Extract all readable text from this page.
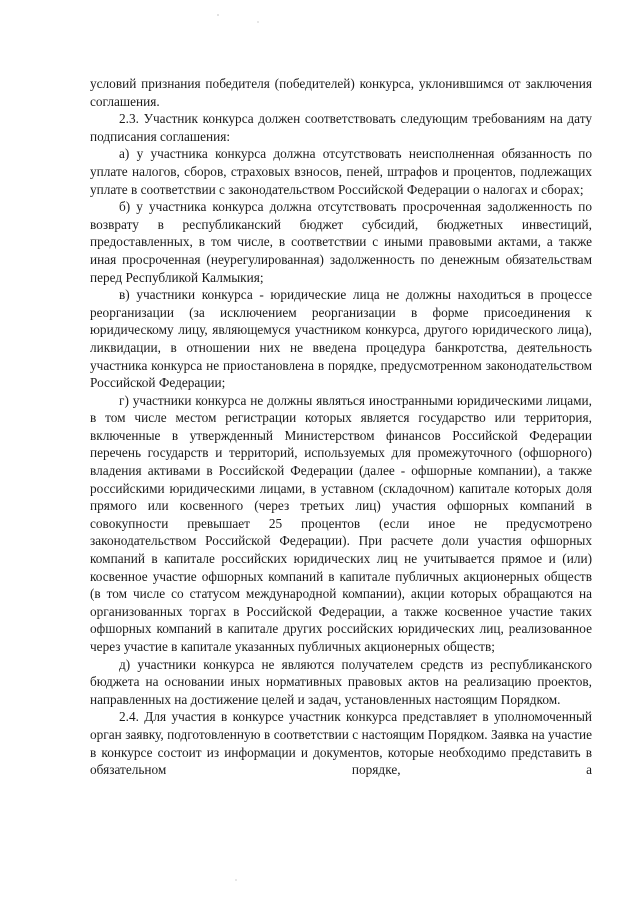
условий признания победителя (победителей) конкурса, уклонившимся от заключения соглашения.

2.3. Участник конкурса должен соответствовать следующим требованиям на дату подписания соглашения:

а) у участника конкурса должна отсутствовать неисполненная обязанность по уплате налогов, сборов, страховых взносов, пеней, штрафов и процентов, подлежащих уплате в соответствии с законодательством Российской Федерации о налогах и сборах;

б) у участника конкурса должна отсутствовать просроченная задолженность по возврату в республиканский бюджет субсидий, бюджетных инвестиций, предоставленных, в том числе, в соответствии с иными правовыми актами, а также иная просроченная (неурегулированная) задолженность по денежным обязательствам перед Республикой Калмыкия;

в) участники конкурса - юридические лица не должны находиться в процессе реорганизации (за исключением реорганизации в форме присоединения к юридическому лицу, являющемуся участником конкурса, другого юридического лица), ликвидации, в отношении них не введена процедура банкротства, деятельность участника конкурса не приостановлена в порядке, предусмотренном законодательством Российской Федерации;

г) участники конкурса не должны являться иностранными юридическими лицами, в том числе местом регистрации которых является государство или территория, включенные в утвержденный Министерством финансов Российской Федерации перечень государств и территорий, используемых для промежуточного (офшорного) владения активами в Российской Федерации (далее - офшорные компании), а также российскими юридическими лицами, в уставном (складочном) капитале которых доля прямого или косвенного (через третьих лиц) участия офшорных компаний в совокупности превышает 25 процентов (если иное не предусмотрено законодательством Российской Федерации). При расчете доли участия офшорных компаний в капитале российских юридических лиц не учитывается прямое и (или) косвенное участие офшорных компаний в капитале публичных акционерных обществ (в том числе со статусом международной компании), акции которых обращаются на организованных торгах в Российской Федерации, а также косвенное участие таких офшорных компаний в капитале других российских юридических лиц, реализованное через участие в капитале указанных публичных акционерных обществ;

д) участники конкурса не являются получателем средств из республиканского бюджета на основании иных нормативных правовых актов на реализацию проектов, направленных на достижение целей и задач, установленных настоящим Порядком.

2.4. Для участия в конкурсе участник конкурса представляет в уполномоченный орган заявку, подготовленную в соответствии с настоящим Порядком. Заявка на участие в конкурсе состоит из информации и документов, которые необходимо представить в обязательном порядке, а
